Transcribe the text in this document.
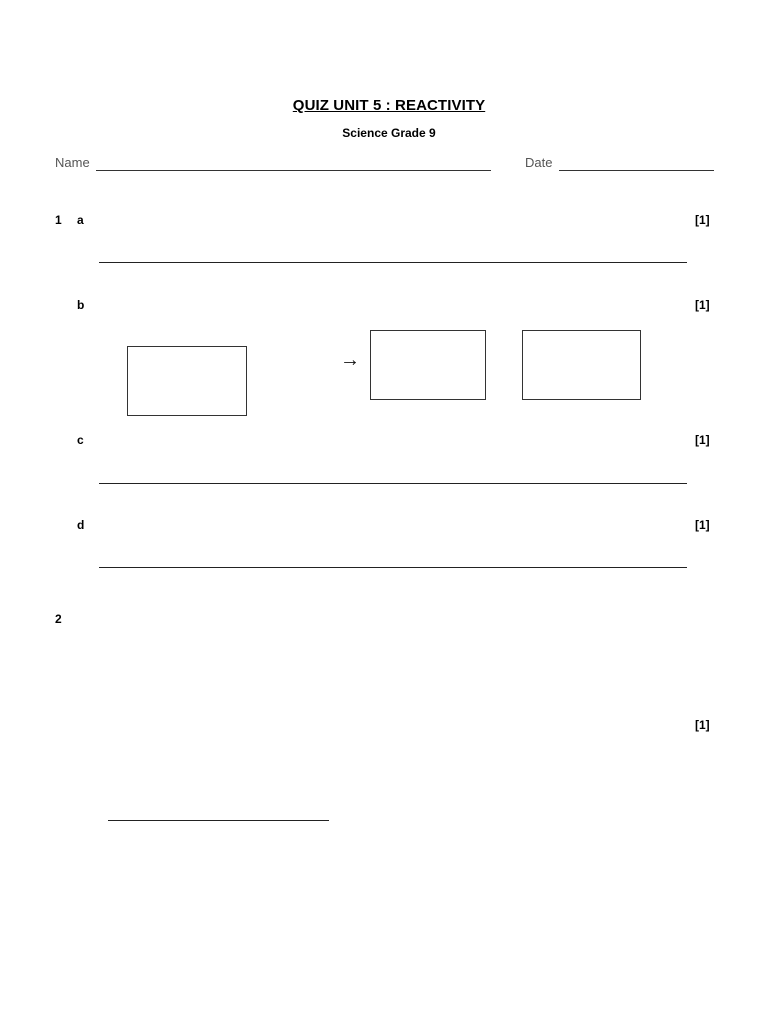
QUIZ UNIT 5 : REACTIVITY
Science Grade 9
Name	Date
1 a	[1]
b	[1]
→
c	[1]
d	[1]
2
[1]
